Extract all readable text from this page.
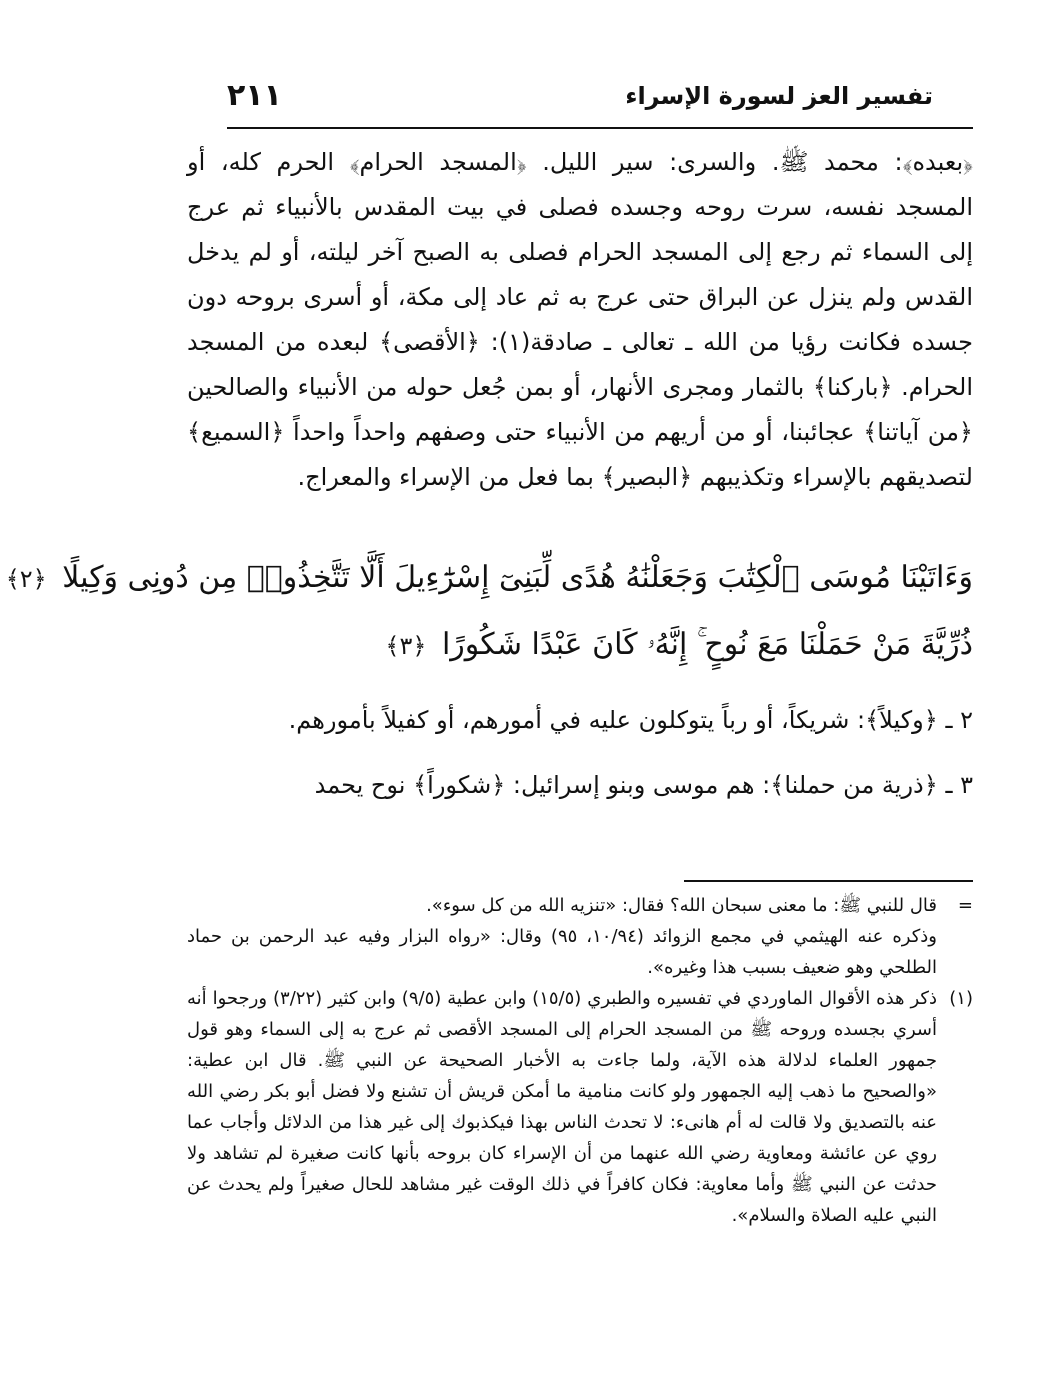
٢١١	تفسير العز لسورة الإسراء

﴿بعبده﴾: محمد ﷺ. والسرى: سير الليل. ﴿المسجد الحرام﴾ الحرم كله، أو المسجد نفسه، سرت روحه وجسده فصلى في بيت المقدس بالأنبياء ثم عرج إلى السماء ثم رجع إلى المسجد الحرام فصلى به الصبح آخر ليلته، أو لم يدخل القدس ولم ينزل عن البراق حتى عرج به ثم عاد إلى مكة، أو أسرى بروحه دون جسده فكانت رؤيا من الله ـ تعالى ـ صادقة(١): ﴿الأقصى﴾ لبعده من المسجد الحرام. ﴿باركنا﴾ بالثمار ومجرى الأنهار، أو بمن جُعل حوله من الأنبياء والصالحين ﴿من آياتنا﴾ عجائبنا، أو من أريهم من الأنبياء حتى وصفهم واحداً واحداً ﴿السميع﴾ لتصديقهم بالإسراء وتكذيبهم ﴿البصير﴾ بما فعل من الإسراء والمعراج.

وَءَاتَيْنَا مُوسَى ٱلْكِتَٰبَ وَجَعَلْنَٰهُ هُدًى لِّبَنِىٓ إِسْرَٰٓءِيلَ أَلَّا تَتَّخِذُوا۟ مِن دُونِى وَكِيلًا ﴿٢﴾
ذُرِّيَّةَ مَنْ حَمَلْنَا مَعَ نُوحٍ ۚ إِنَّهُۥ كَانَ عَبْدًا شَكُورًا ﴿٣﴾

٢ ـ ﴿وكيلاً﴾: شريكاً، أو رباً يتوكلون عليه في أمورهم، أو كفيلاً بأمورهم.

٣ ـ ﴿ذرية من حملنا﴾: هم موسى وبنو إسرائيل: ﴿شكوراً﴾ نوح يحمد

=
قال للنبي ﷺ: ما معنى سبحان الله؟ فقال: «تنزيه الله من كل سوء».
وذكره عنه الهيثمي في مجمع الزوائد (١٠/٩٤، ٩٥) وقال: «رواه البزار وفيه عبد الرحمن بن حماد الطلحي وهو ضعيف بسبب هذا وغيره».
(١)
ذكر هذه الأقوال الماوردي في تفسيره والطبري (١٥/٥) وابن عطية (٩/٥) وابن كثير (٣/٢٢) ورجحوا أنه أسري بجسده وروحه ﷺ من المسجد الحرام إلى المسجد الأقصى ثم عرج به إلى السماء وهو قول جمهور العلماء لدلالة هذه الآية، ولما جاءت به الأخبار الصحيحة عن النبي ﷺ. قال ابن عطية: «والصحيح ما ذهب إليه الجمهور ولو كانت منامية ما أمكن قريش أن تشنع ولا فضل أبو بكر رضي الله عنه بالتصديق ولا قالت له أم هانىء: لا تحدث الناس بهذا فيكذبوك إلى غير هذا من الدلائل وأجاب عما روي عن عائشة ومعاوية رضي الله عنهما من أن الإسراء كان بروحه بأنها كانت صغيرة لم تشاهد ولا حدثت عن النبي ﷺ وأما معاوية: فكان كافراً في ذلك الوقت غير مشاهد للحال صغيراً ولم يحدث عن النبي عليه الصلاة والسلام».
